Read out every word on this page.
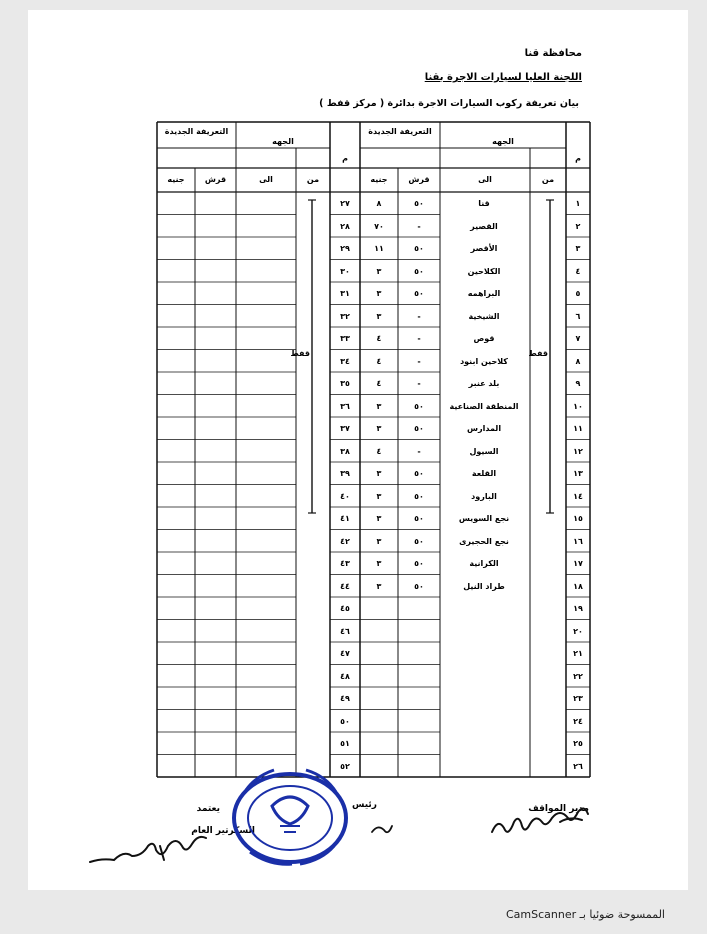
محافظة قنا
اللجنة العليا لسيارات الاجرة بقنا
بيان تعريفة ركوب السيارات الاجرة بدائرة ( مركز قفط )
م
الجهه
التعريفة الجديدة
من
الى
قرش
جنيه
م
الجهه
التعريفة الجديدة
من
الى
قرش
جنيه
قفط
قفط
١
قنا
٥٠
٨
٢
القصير
-
٧٠
٣
الأقصر
٥٠
١١
٤
الكلاحين
٥٠
٣
٥
البراهمه
٥٠
٣
٦
الشيخية
-
٣
٧
قوص
-
٤
٨
كلاحين ابنود
-
٤
٩
بلد عنبر
-
٤
١٠
المنطقة الصناعية
٥٠
٣
١١
المدارس
٥٠
٣
١٢
السيول
-
٤
١٣
القلعة
٥٠
٣
١٤
البارود
٥٠
٣
١٥
نجع السويس
٥٠
٣
١٦
نجع الحجيرى
٥٠
٣
١٧
الكرانية
٥٠
٣
١٨
طراد النيل
٥٠
٣
١٩
٢٠
٢١
٢٢
٢٣
٢٤
٢٥
٢٦
٢٧
٢٨
٢٩
٣٠
٣١
٣٢
٣٣
٣٤
٣٥
٣٦
٣٧
٣٨
٣٩
٤٠
٤١
٤٢
٤٣
٤٤
٤٥
٤٦
٤٧
٤٨
٤٩
٥٠
٥١
٥٢
مدير المواقف
رئيس
يعتمد
السكرتير العام
الممسوحة ضوئيا بـ CamScanner
